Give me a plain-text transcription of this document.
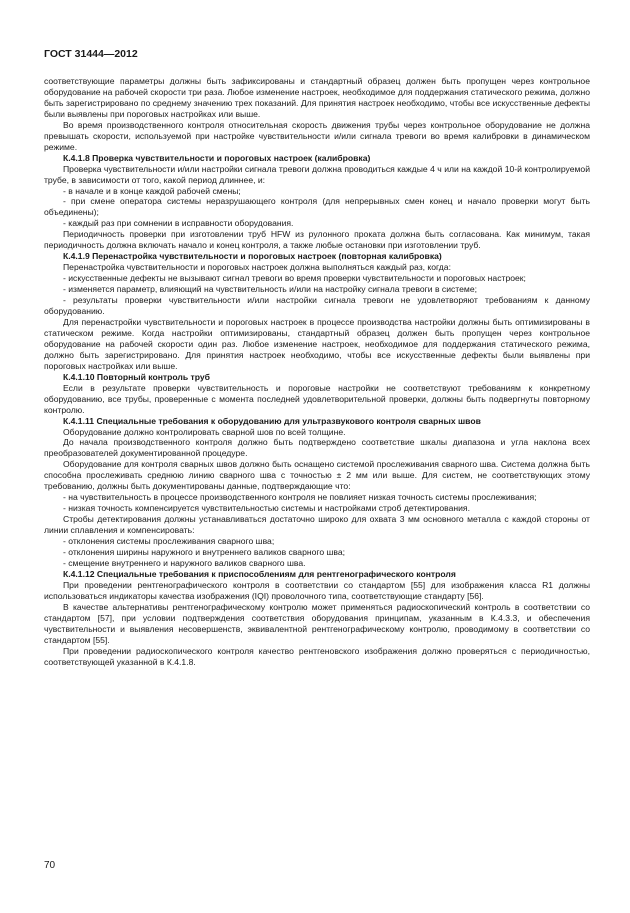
ГОСТ 31444—2012

соответствующие параметры должны быть зафиксированы и стандартный образец должен быть пропущен через контрольное оборудование на рабочей скорости три раза. Любое изменение настроек, необходимое для поддержания статического режима, должно быть зарегистрировано по среднему значению трех показаний. Для принятия настроек необходимо, чтобы все искусственные дефекты были выявлены при пороговых настройках или выше.

Во время производственного контроля относительная скорость движения трубы через контрольное оборудование не должна превышать скорости, используемой при настройке чувствительности и/или сигнала тревоги во время калибровки в динамическом режиме.

К.4.1.8 Проверка чувствительности и пороговых настроек (калибровка)

Проверка чувствительности и/или настройки сигнала тревоги должна проводиться каждые 4 ч или на каждой 10-й контролируемой трубе, в зависимости от того, какой период длиннее, и:

- в начале и в конце каждой рабочей смены;

- при смене оператора системы неразрушающего контроля (для непрерывных смен конец и начало проверки могут быть объединены);

- каждый раз при сомнении в исправности оборудования.

Периодичность проверки при изготовлении труб HFW из рулонного проката должна быть согласована. Как минимум, такая периодичность должна включать начало и конец контроля, а также любые остановки при изготовлении труб.

К.4.1.9 Перенастройка чувствительности и пороговых настроек (повторная калибровка)

Перенастройка чувствительности и пороговых настроек должна выполняться каждый раз, когда:

- искусственные дефекты не вызывают сигнал тревоги во время проверки чувствительности и пороговых настроек;

- изменяется параметр, влияющий на чувствительность и/или на настройку сигнала тревоги в системе;

- результаты проверки чувствительности и/или настройки сигнала тревоги не удовлетворяют требованиям к данному оборудованию.

Для перенастройки чувствительности и пороговых настроек в процессе производства настройки должны быть оптимизированы в статическом режиме. Когда настройки оптимизированы, стандартный образец должен быть пропущен через контрольное оборудование на рабочей скорости один раз. Любое изменение настроек, необходимое для поддержания статического режима, должно быть зарегистрировано. Для принятия настроек необходимо, чтобы все искусственные дефекты были выявлены при пороговых настройках или выше.

К.4.1.10 Повторный контроль труб

Если в результате проверки чувствительность и пороговые настройки не соответствуют требованиям к конкретному оборудованию, все трубы, проверенные с момента последней удовлетворительной проверки, должны быть подвергнуты повторному контролю.

К.4.1.11 Специальные требования к оборудованию для ультразвукового контроля сварных швов

Оборудование должно контролировать сварной шов по всей толщине.

До начала производственного контроля должно быть подтверждено соответствие шкалы диапазона и угла наклона всех преобразователей документированной процедуре.

Оборудование для контроля сварных швов должно быть оснащено системой прослеживания сварного шва. Система должна быть способна прослеживать среднюю линию сварного шва с точностью ± 2 мм или выше. Для систем, не соответствующих этому требованию, должны быть документированы данные, подтверждающие что:

- на чувствительность в процессе производственного контроля не повлияет низкая точность системы прослеживания;

- низкая точность компенсируется чувствительностью системы и настройками строб детектирования.

Стробы детектирования должны устанавливаться достаточно широко для охвата 3 мм основного металла с каждой стороны от линии сплавления и компенсировать:

- отклонения системы прослеживания сварного шва;

- отклонения ширины наружного и внутреннего валиков сварного шва;

- смещение внутреннего и наружного валиков сварного шва.

К.4.1.12 Специальные требования к приспособлениям для рентгенографического контроля

При проведении рентгенографического контроля в соответствии со стандартом [55] для изображения класса R1 должны использоваться индикаторы качества изображения (IQI) проволочного типа, соответствующие стандарту [56].

В качестве альтернативы рентгенографическому контролю может применяться радиоскопический контроль в соответствии со стандартом [57], при условии подтверждения соответствия оборудования принципам, указанным в К.4.3.3, и обеспечения чувствительности и выявления несовершенств, эквивалентной рентгенографическому контролю, проводимому в соответствии со стандартом [55].

При проведении радиоскопического контроля качество рентгеновского изображения должно проверяться с периодичностью, соответствующей указанной в К.4.1.8.

70
